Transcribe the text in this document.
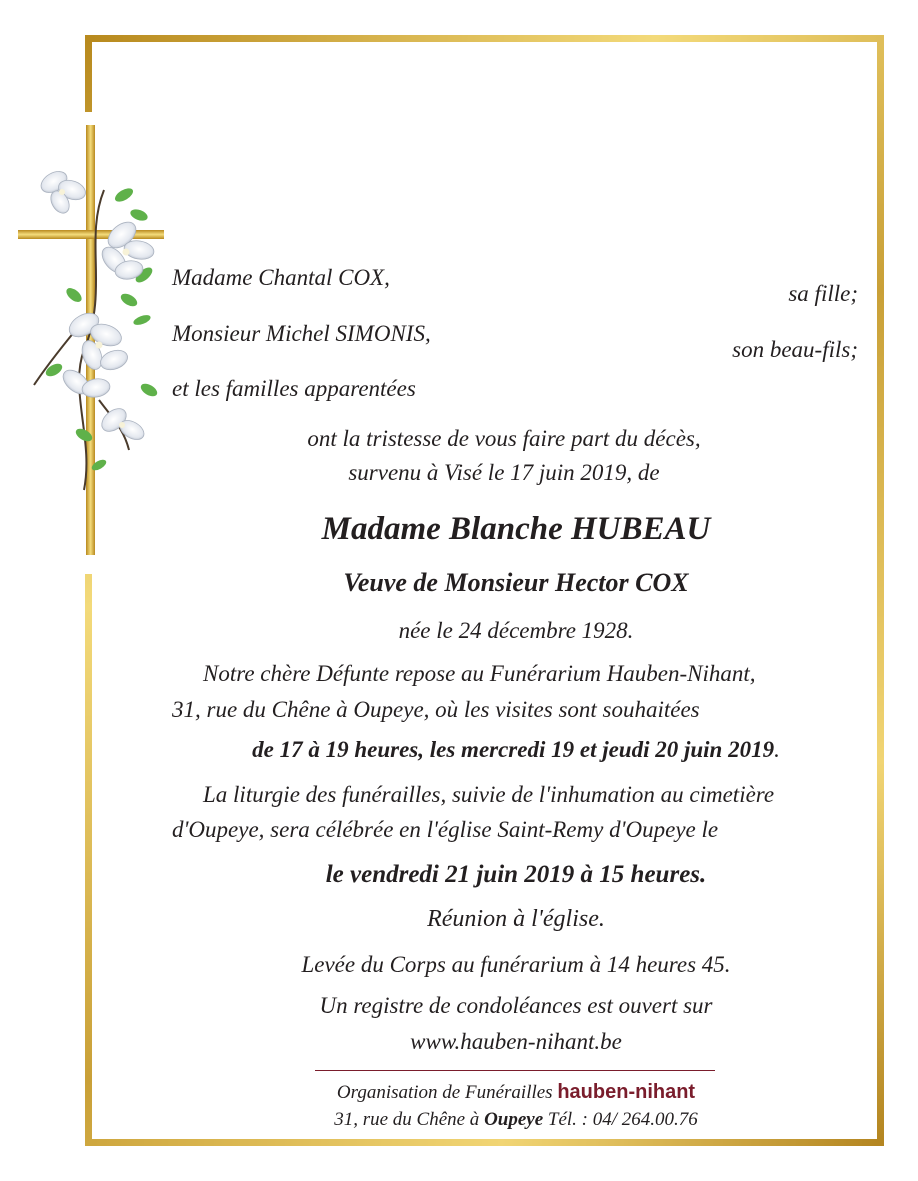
Madame Chantal COX,
sa fille;
Monsieur Michel SIMONIS,
son beau-fils;
et les familles apparentées
ont la tristesse de vous faire part du décès,
survenu à Visé le 17 juin 2019, de
Madame Blanche HUBEAU
Veuve de Monsieur Hector COX
née le 24 décembre 1928.
Notre chère Défunte repose au Funérarium Hauben-Nihant,
31, rue du Chêne à Oupeye, où les visites sont souhaitées
de 17 à 19 heures, les mercredi 19 et jeudi 20 juin 2019.
La liturgie des funérailles, suivie de l'inhumation au cimetière
d'Oupeye, sera célébrée en l'église Saint-Remy d'Oupeye le
le vendredi 21 juin 2019 à 15 heures.
Réunion à l'église.
Levée du Corps au funérarium à 14 heures 45.
Un registre de condoléances est ouvert sur
www.hauben-nihant.be
Organisation de Funérailles hauben-nihant
31, rue du Chêne à Oupeye Tél. : 04/ 264.00.76
